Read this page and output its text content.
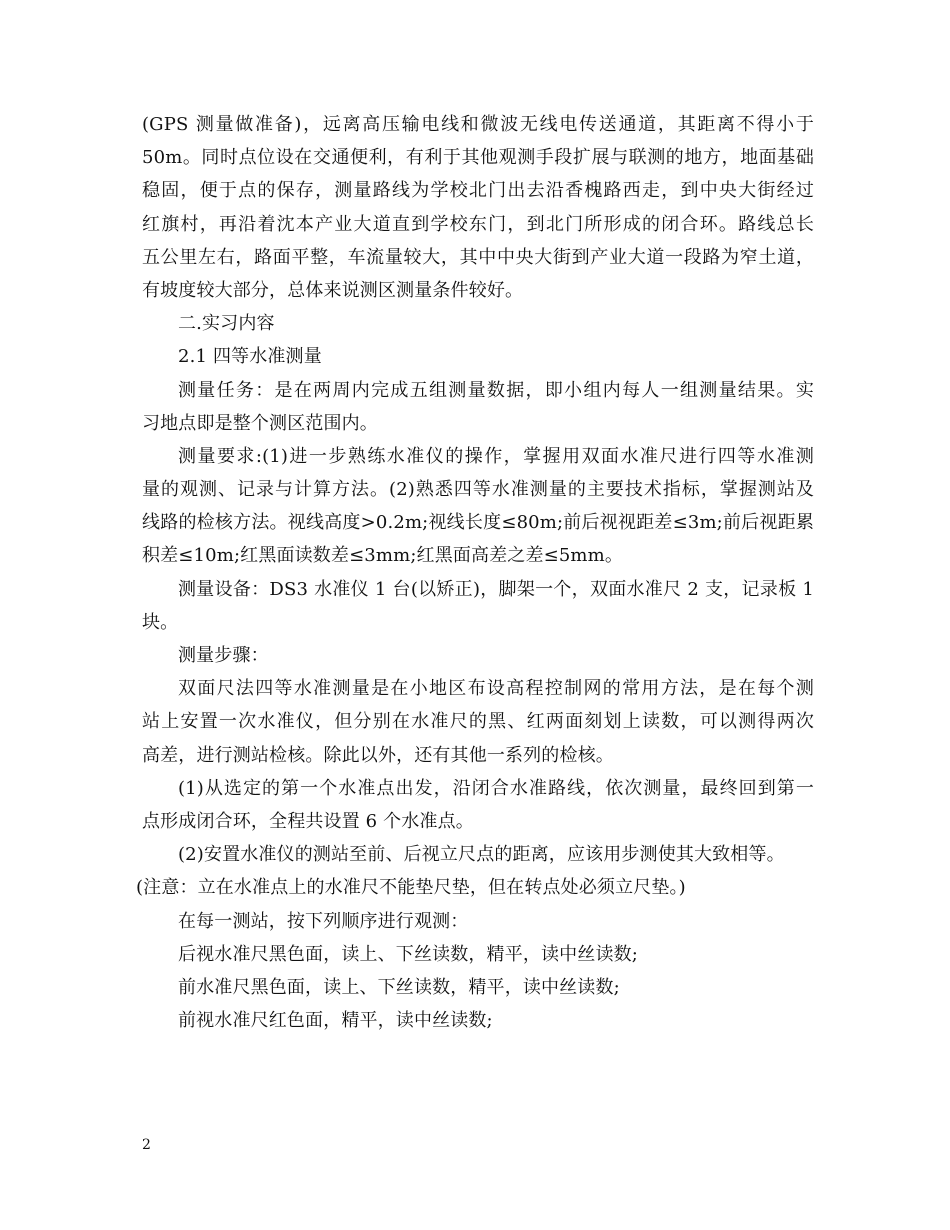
(GPS 测量做准备)，远离高压输电线和微波无线电传送通道，其距离不得小于
50m。同时点位设在交通便利，有利于其他观测手段扩展与联测的地方，地面基础
稳固，便于点的保存，测量路线为学校北门出去沿香槐路西走，到中央大街经过
红旗村，再沿着沈本产业大道直到学校东门，到北门所形成的闭合环。路线总长
五公里左右，路面平整，车流量较大，其中中央大街到产业大道一段路为窄土道，
有坡度较大部分，总体来说测区测量条件较好。
二.实习内容
2.1 四等水准测量
测量任务：是在两周内完成五组测量数据，即小组内每人一组测量结果。实
习地点即是整个测区范围内。
测量要求:(1)进一步熟练水准仪的操作，掌握用双面水准尺进行四等水准测
量的观测、记录与计算方法。(2)熟悉四等水准测量的主要技术指标，掌握测站及
线路的检核方法。视线高度>0.2m;视线长度≤80m;前后视视距差≤3m;前后视距累
积差≤10m;红黑面读数差≤3mm;红黑面高差之差≤5mm。
测量设备：DS3 水准仪 1 台(以矫正)，脚架一个，双面水准尺 2 支，记录板 1
块。
测量步骤：
双面尺法四等水准测量是在小地区布设高程控制网的常用方法，是在每个测
站上安置一次水准仪，但分别在水准尺的黑、红两面刻划上读数，可以测得两次
高差，进行测站检核。除此以外，还有其他一系列的检核。
(1)从选定的第一个水准点出发，沿闭合水准路线，依次测量，最终回到第一
点形成闭合环，全程共设置 6 个水准点。
(2)安置水准仪的测站至前、后视立尺点的距离，应该用步测使其大致相等。
(注意：立在水准点上的水准尺不能垫尺垫，但在转点处必须立尺垫。)
在每一测站，按下列顺序进行观测：
后视水准尺黑色面，读上、下丝读数，精平，读中丝读数;
前水准尺黑色面，读上、下丝读数，精平，读中丝读数;
前视水准尺红色面，精平，读中丝读数;
2
